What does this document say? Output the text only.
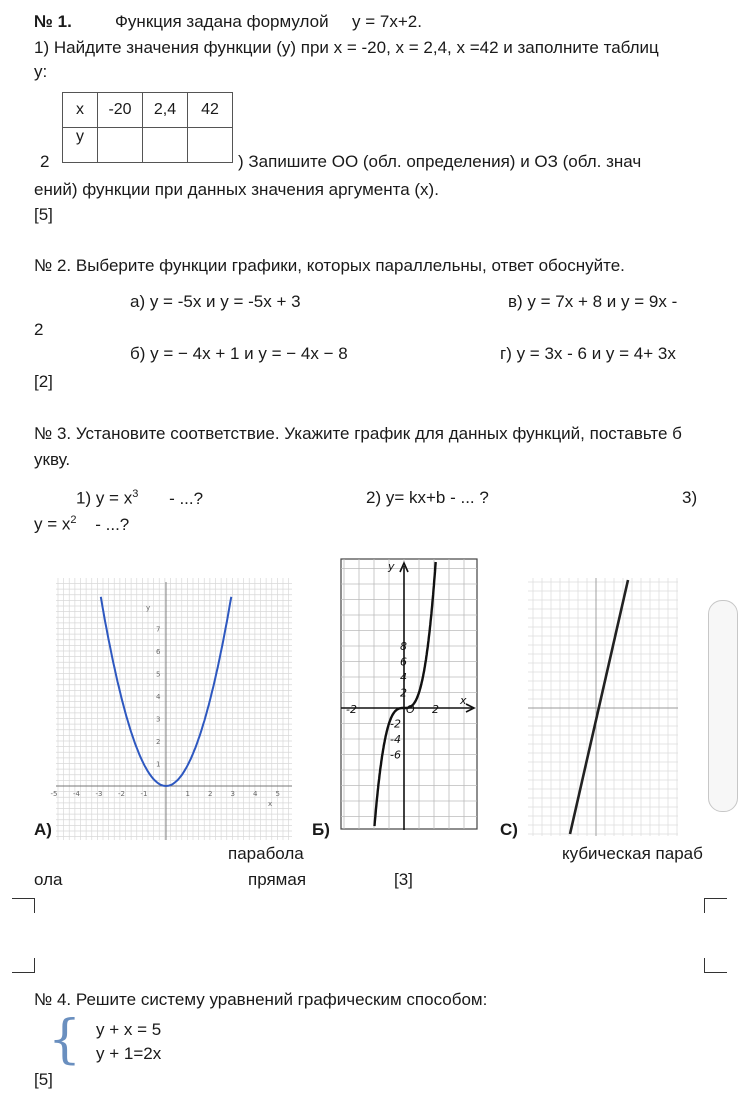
№ 1.	Функция задана формулой y = 7x+2.
1) Найдите значения функции (y) при x = -20, x = 2,4, x =42 и заполните таблиц
у:
x	-20	2,4	42
y			
2	) Запишите ОО (обл. определения) и ОЗ (обл. знач
ений) функции при данных значения аргумента (x).
[5]
№ 2. Выберите функции графики, которых параллельны, ответ обоснуйте.
а) y = -5x и y = -5x + 3	в) y = 7x + 8 и y = 9x -
2
б) y = − 4x + 1 и y = − 4x − 8	г) y = 3x - 6 и y = 4+ 3x
[2]
№ 3. Установите соответствие. Укажите график для данных функций, поставьте б
укву.
1) $y = x^3$ - ...?	2) y= kx+b - ... ?	3)
$y = x^2$ - ...?
-5 -4 -3 -2 -1	1	2	3	4	5
1
2
3
4
5
6
7
x
y
-2	O 2
x
y
8
6
4
2
-2
-4
-6
А)	Б)	С)
парабола	кубическая параб
ола	прямая	[3]
№ 4. Решите систему уравнений графическим способом:
{ y + x = 5
y + 1=2x
[5]
